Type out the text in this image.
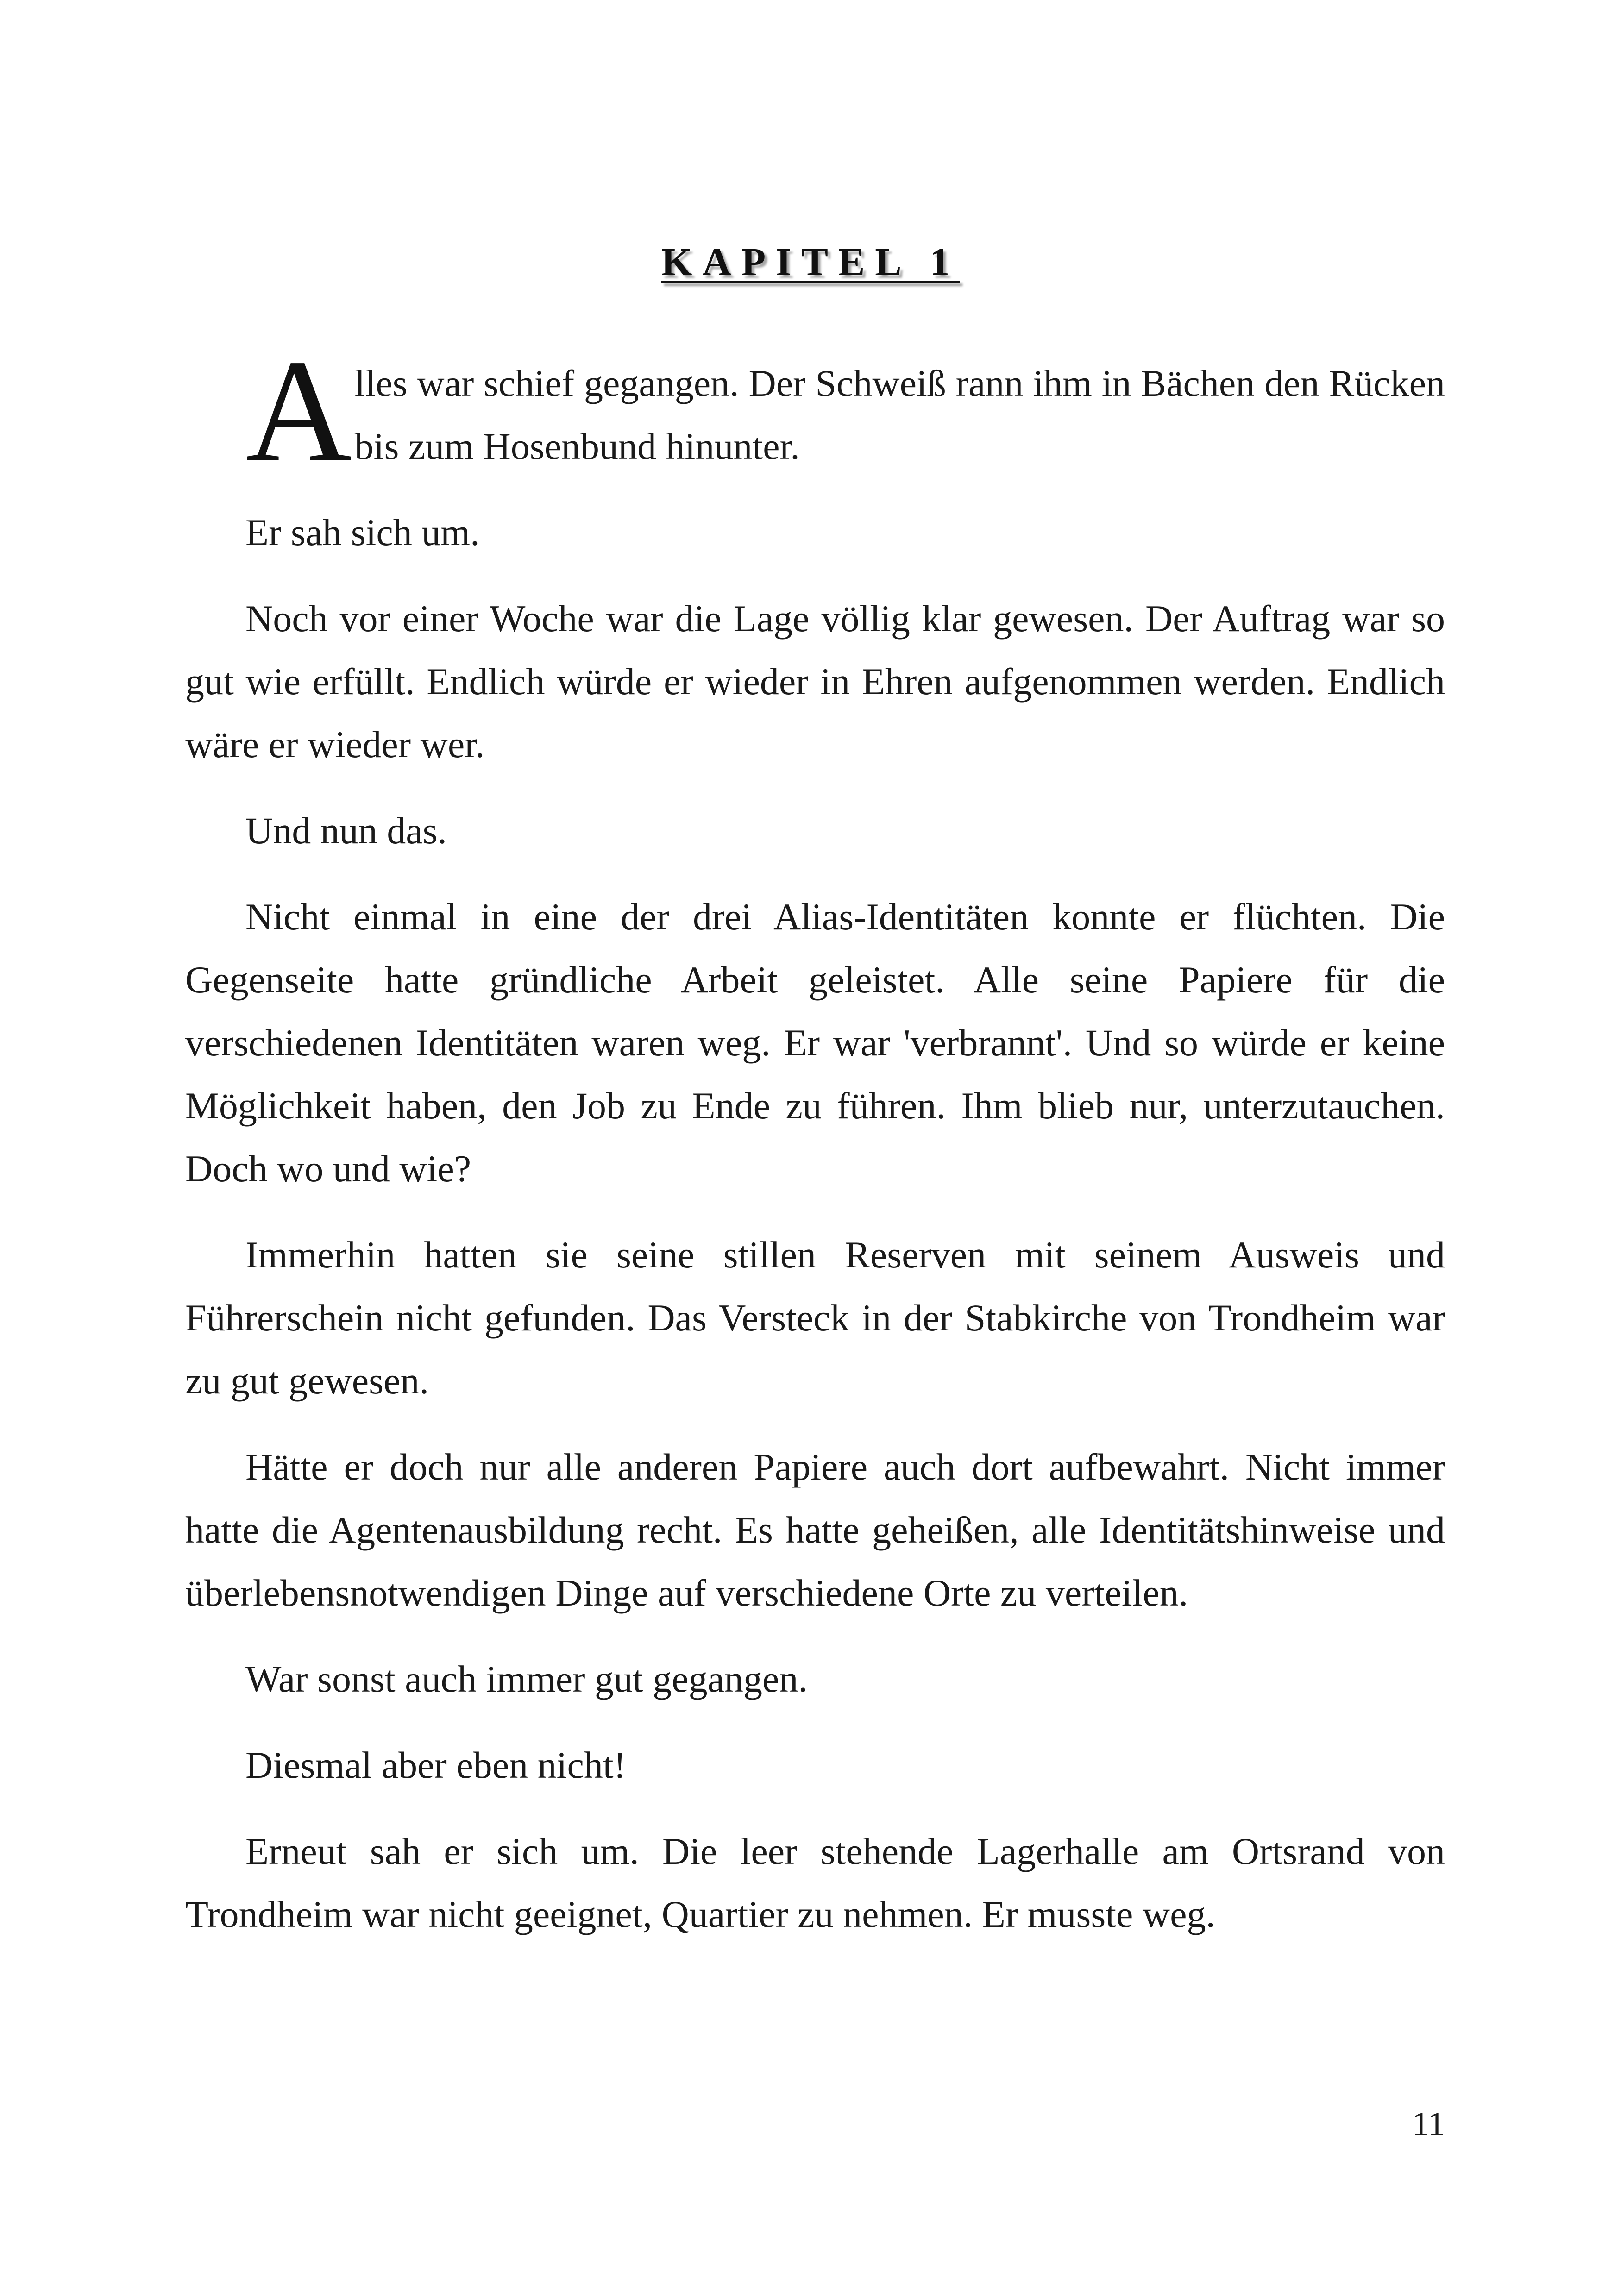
KAPITEL 1

Alles war schief gegangen. Der Schweiß rann ihm in Bächen den Rücken bis zum Hosenbund hinunter.

Er sah sich um.

Noch vor einer Woche war die Lage völlig klar gewesen. Der Auftrag war so gut wie erfüllt. Endlich würde er wieder in Ehren aufgenommen werden. Endlich wäre er wieder wer.

Und nun das.

Nicht einmal in eine der drei Alias-Identitäten konnte er flüchten. Die Gegenseite hatte gründliche Arbeit geleistet. Alle seine Papiere für die verschiedenen Identitäten waren weg. Er war 'verbrannt'. Und so würde er keine Möglichkeit haben, den Job zu Ende zu führen. Ihm blieb nur, unterzutauchen. Doch wo und wie?

Immerhin hatten sie seine stillen Reserven mit seinem Ausweis und Führerschein nicht gefunden. Das Versteck in der Stabkirche von Trondheim war zu gut gewesen.

Hätte er doch nur alle anderen Papiere auch dort aufbewahrt. Nicht immer hatte die Agentenausbildung recht. Es hatte geheißen, alle Identitätshinweise und überlebensnotwendigen Dinge auf verschiedene Orte zu verteilen.

War sonst auch immer gut gegangen.

Diesmal aber eben nicht!

Erneut sah er sich um. Die leer stehende Lagerhalle am Ortsrand von Trondheim war nicht geeignet, Quartier zu nehmen. Er musste weg.

11
